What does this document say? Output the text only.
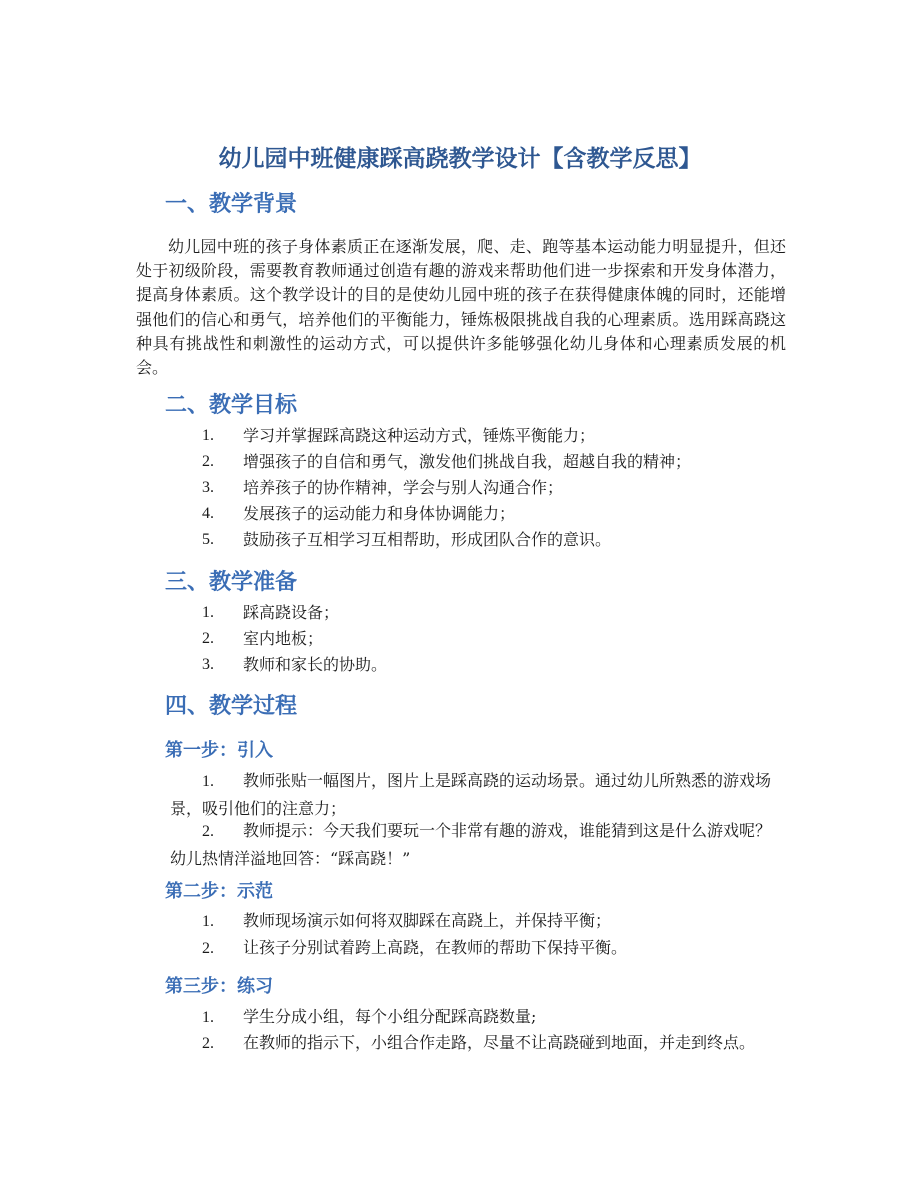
幼儿园中班健康踩高跷教学设计【含教学反思】
一、教学背景

幼儿园中班的孩子身体素质正在逐渐发展，爬、走、跑等基本运动能力明显提升，但还处于初级阶段，需要教育教师通过创造有趣的游戏来帮助他们进一步探索和开发身体潜力，提高身体素质。这个教学设计的目的是使幼儿园中班的孩子在获得健康体魄的同时，还能增强他们的信心和勇气，培养他们的平衡能力，锤炼极限挑战自我的心理素质。选用踩高跷这种具有挑战性和刺激性的运动方式，可以提供许多能够强化幼儿身体和心理素质发展的机会。

二、教学目标
1. 学习并掌握踩高跷这种运动方式，锤炼平衡能力；
2. 增强孩子的自信和勇气，激发他们挑战自我，超越自我的精神；
3. 培养孩子的协作精神，学会与别人沟通合作；
4. 发展孩子的运动能力和身体协调能力；
5. 鼓励孩子互相学习互相帮助，形成团队合作的意识。
三、教学准备
1. 踩高跷设备；
2. 室内地板；
3. 教师和家长的协助。
四、教学过程
第一步：引入

1. 教师张贴一幅图片，图片上是踩高跷的运动场景。通过幼儿所熟悉的游戏场景，吸引他们的注意力；

2. 教师提示：今天我们要玩一个非常有趣的游戏，谁能猜到这是什么游戏呢？幼儿热情洋溢地回答：“踩高跷！”

第二步：示范

1. 教师现场演示如何将双脚踩在高跷上，并保持平衡；

2. 让孩子分别试着跨上高跷，在教师的帮助下保持平衡。

第三步：练习

1. 学生分成小组，每个小组分配踩高跷数量;

2. 在教师的指示下，小组合作走路，尽量不让高跷碰到地面，并走到终点。
